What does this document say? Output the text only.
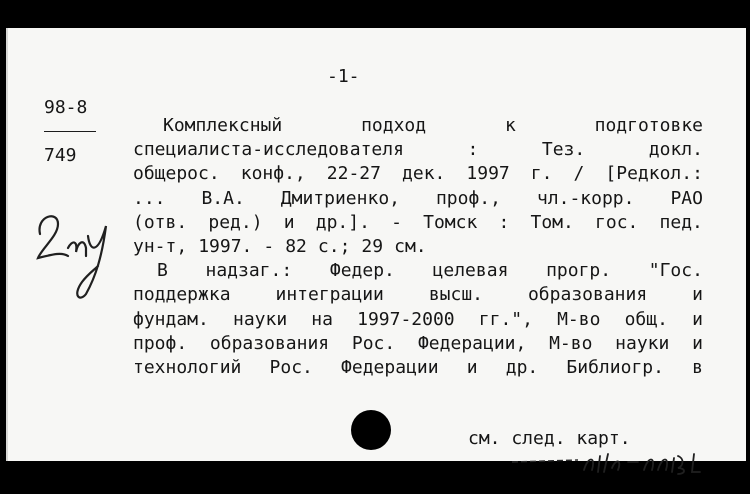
-1-
98-8
749
Комплексный	подход	к	подготовке
специалиста-исследователя	:	Тез.	докл.
общерос. конф., 22-27 дек. 1997 г. / [Редкол.:
... В.А. Дмитриенко, проф., чл.-корр. РАО
(отв. ред.) и др.]. - Томск : Том. гос. пед.
ун-т, 1997. - 82 с.; 29 см.
В надзаг.: Федер. целевая прогр. "Гос.
поддержка интеграции высш. образования и
фундам. науки на 1997-2000 гг.", М-во общ. и
проф. образования Рос. Федерации, М-во науки и
технологий Рос. Федерации и др. Библиогр. в
см. след. карт.
